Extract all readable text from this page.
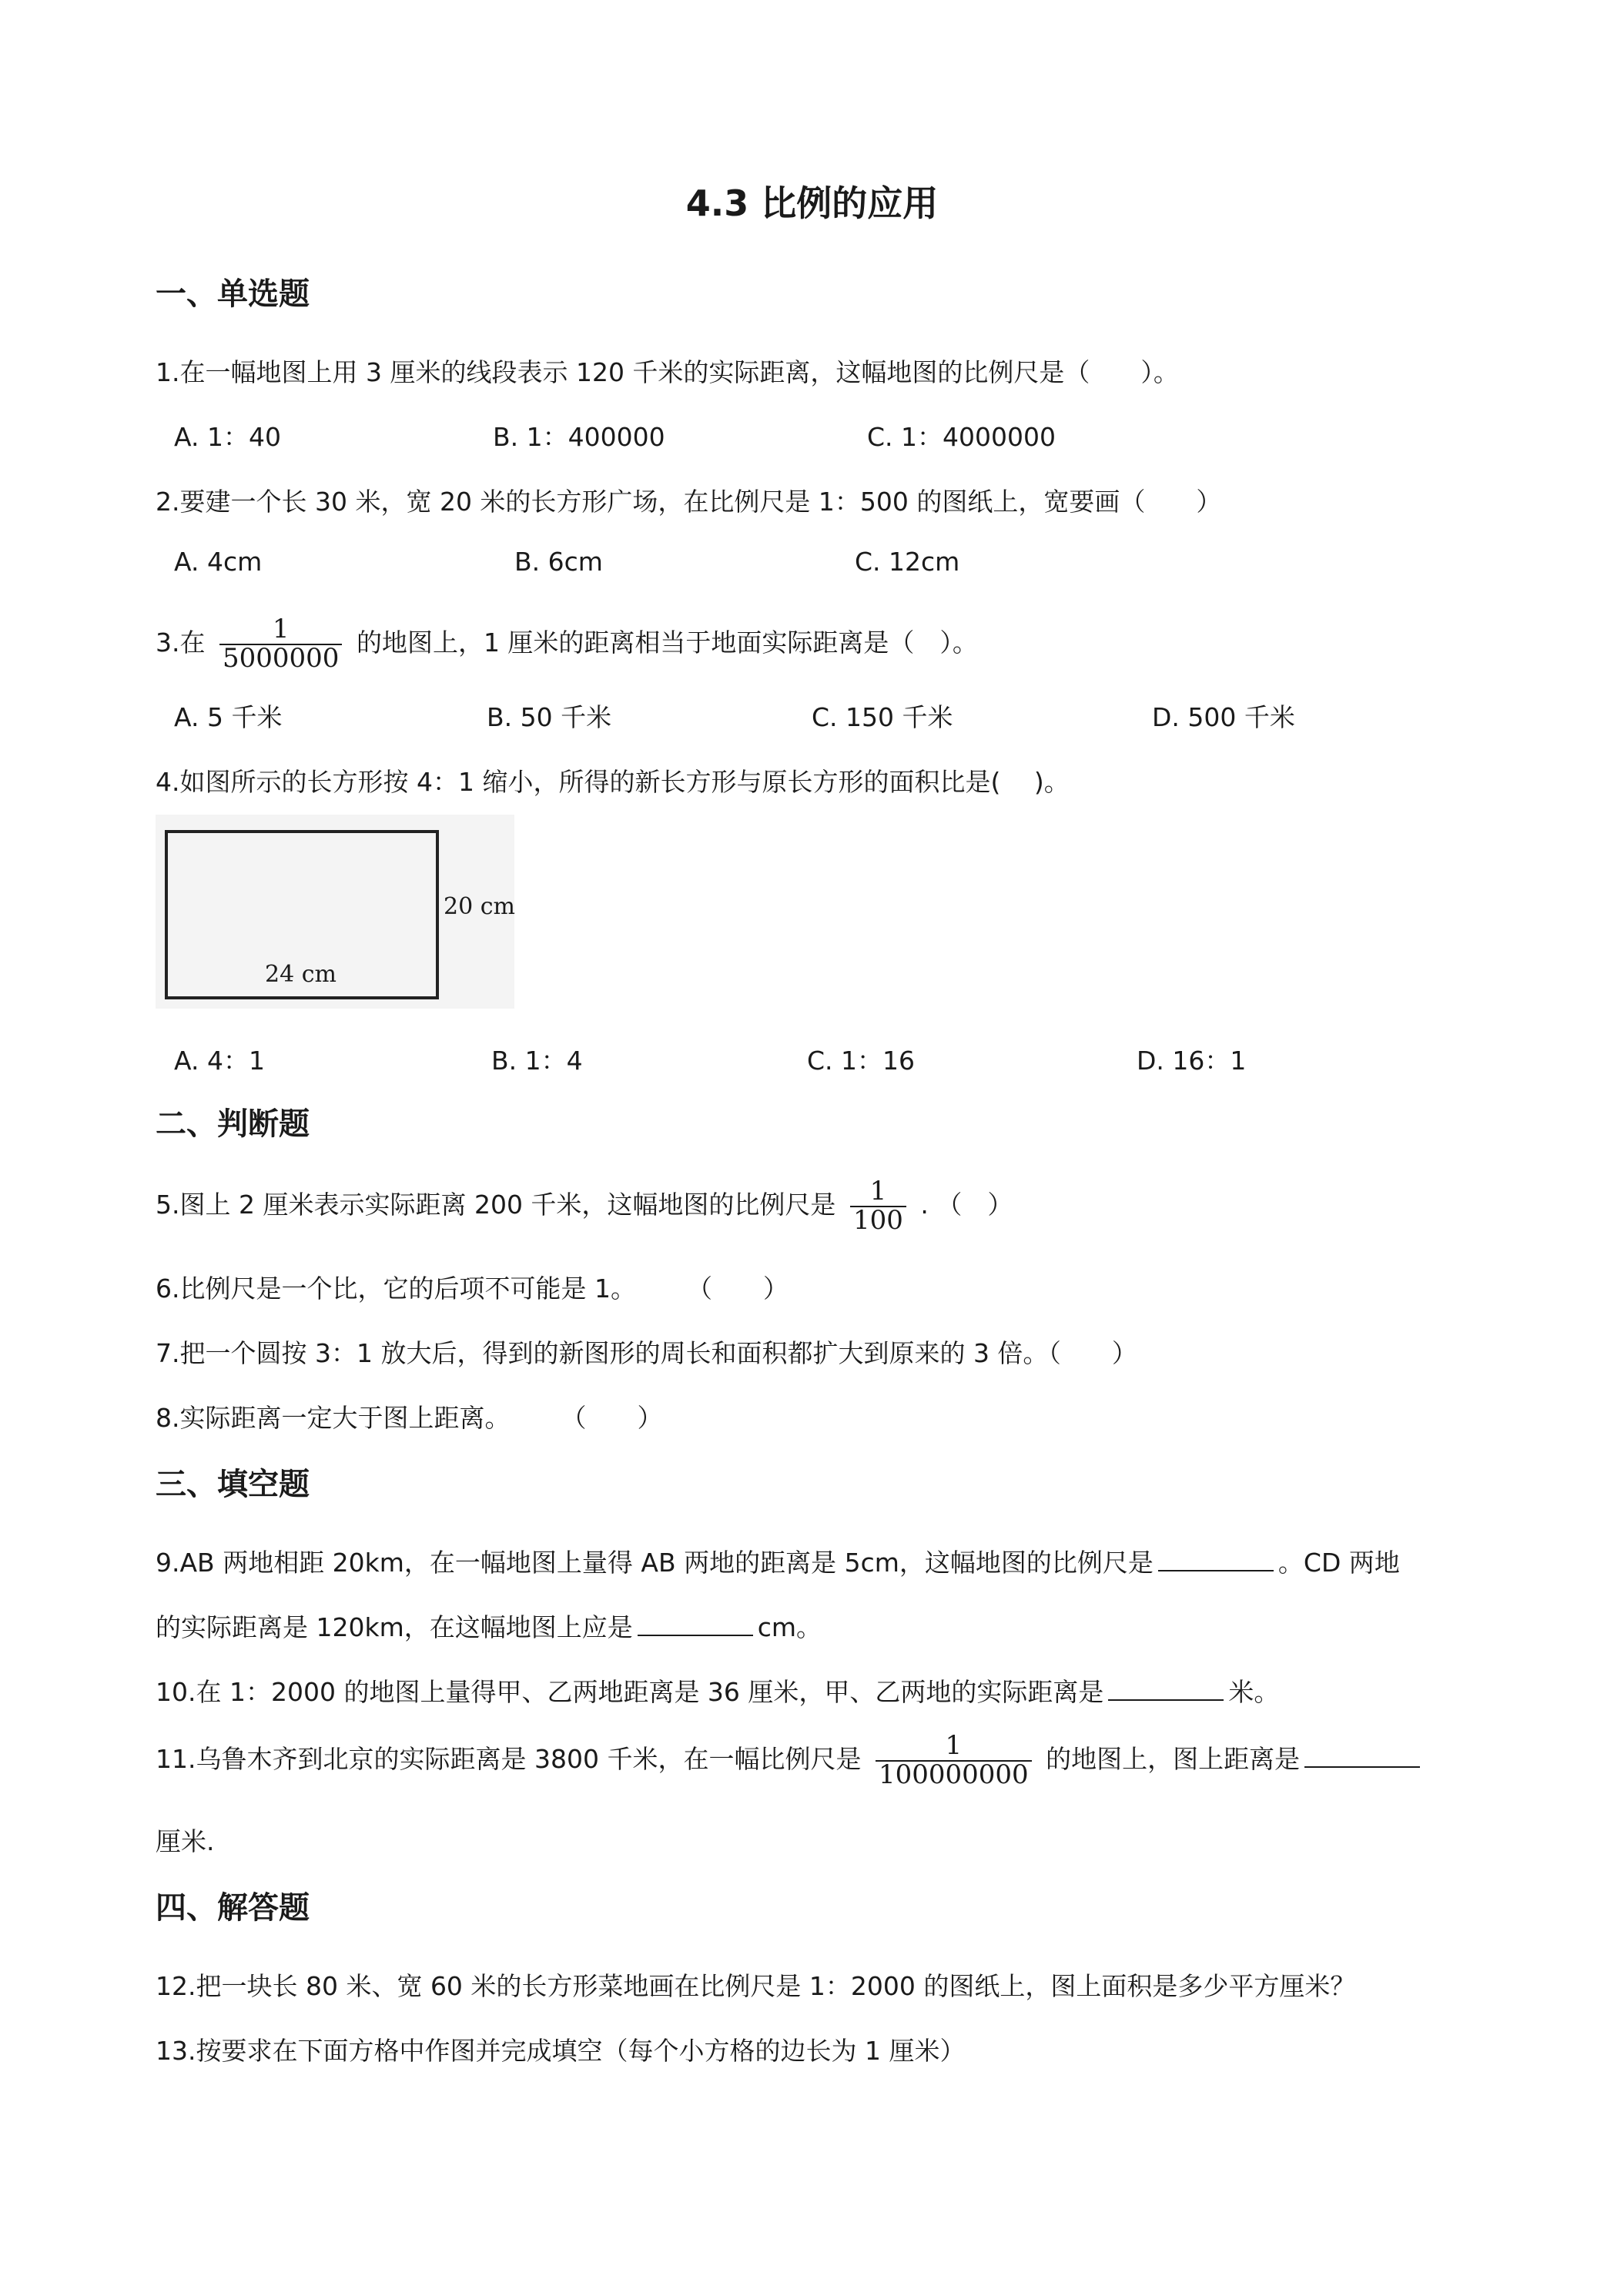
4.3 比例的应用
一、单选题
1.在一幅地图上用 3 厘米的线段表示 120 千米的实际距离，这幅地图的比例尺是（　　）。
A. 1：40	B. 1：400000	C. 1：4000000
2.要建一个长 30 米，宽 20 米的长方形广场，在比例尺是 1：500 的图纸上，宽要画（　　）
A. 4cm	B. 6cm	C. 12cm
3.在 $\frac{1}{5000000}$ 的地图上，1 厘米的距离相当于地面实际距离是（　）。
A. 5 千米	B. 50 千米	C. 150 千米	D. 500 千米
4.如图所示的长方形按 4：1 缩小，所得的新长方形与原长方形的面积比是(　 )。
20 cm
24 cm
A. 4：1	B. 1：4	C. 1：16	D. 16：1
二、判断题
5.图上 2 厘米表示实际距离 200 千米，这幅地图的比例尺是 $\frac{1}{100}$ . （　）
6.比例尺是一个比，它的后项不可能是 1。　　　（　　）
7.把一个圆按 3：1 放大后，得到的新图形的周长和面积都扩大到原来的 3 倍。（　　）
8.实际距离一定大于图上距离。　　　（　　）
三、填空题
9.AB 两地相距 20km，在一幅地图上量得 AB 两地的距离是 5cm，这幅地图的比例尺是	。CD 两地
的实际距离是 120km，在这幅地图上应是	cm。
10.在 1：2000 的地图上量得甲、乙两地距离是 36 厘米，甲、乙两地的实际距离是	米。
11.乌鲁木齐到北京的实际距离是 3800 千米，在一幅比例尺是 $\frac{1}{100000000}$ 的地图上，图上距离是
厘米.
四、解答题
12.把一块长 80 米、宽 60 米的长方形菜地画在比例尺是 1：2000 的图纸上，图上面积是多少平方厘米？
13.按要求在下面方格中作图并完成填空（每个小方格的边长为 1 厘米）
